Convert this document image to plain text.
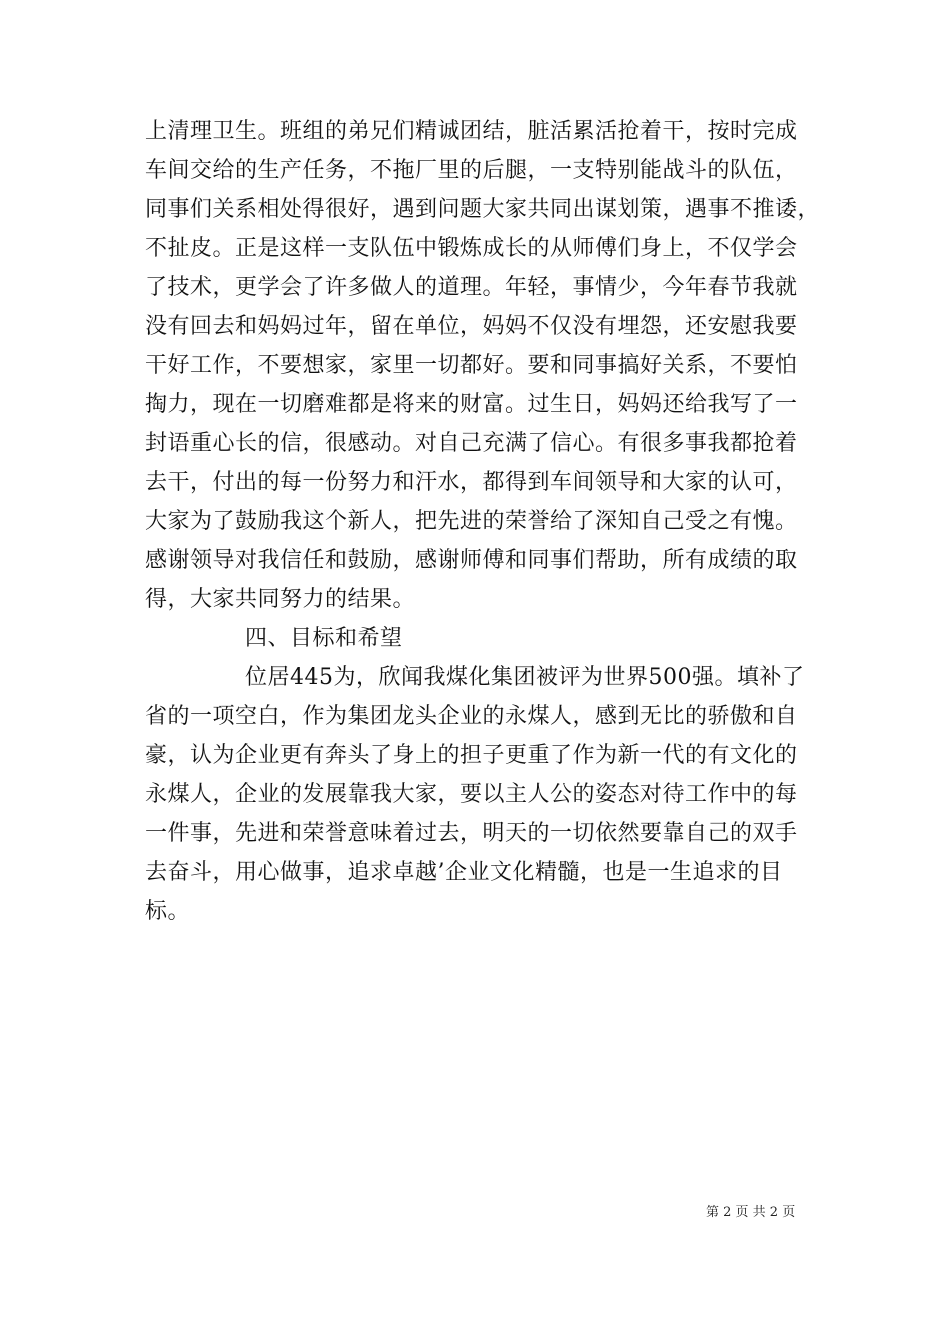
上清理卫生。班组的弟兄们精诚团结，脏活累活抢着干，按时完成
车间交给的生产任务，不拖厂里的后腿，一支特别能战斗的队伍，
同事们关系相处得很好，遇到问题大家共同出谋划策，遇事不推诿，
不扯皮。正是这样一支队伍中锻炼成长的从师傅们身上，不仅学会
了技术，更学会了许多做人的道理。年轻，事情少，今年春节我就
没有回去和妈妈过年，留在单位，妈妈不仅没有埋怨，还安慰我要
干好工作，不要想家，家里一切都好。要和同事搞好关系，不要怕
掏力，现在一切磨难都是将来的财富。过生日，妈妈还给我写了一
封语重心长的信，很感动。对自己充满了信心。有很多事我都抢着
去干，付出的每一份努力和汗水，都得到车间领导和大家的认可，
大家为了鼓励我这个新人，把先进的荣誉给了深知自己受之有愧。
感谢领导对我信任和鼓励，感谢师傅和同事们帮助，所有成绩的取
得，大家共同努力的结果。
四、目标和希望
位居445为，欣闻我煤化集团被评为世界500强。填补了
省的一项空白，作为集团龙头企业的永煤人，感到无比的骄傲和自
豪，认为企业更有奔头了身上的担子更重了作为新一代的有文化的
永煤人，企业的发展靠我大家，要以主人公的姿态对待工作中的每
一件事，先进和荣誉意味着过去，明天的一切依然要靠自己的双手
去奋斗，用心做事，追求卓越’企业文化精髓，也是一生追求的目
标。
第 2 页 共 2 页
